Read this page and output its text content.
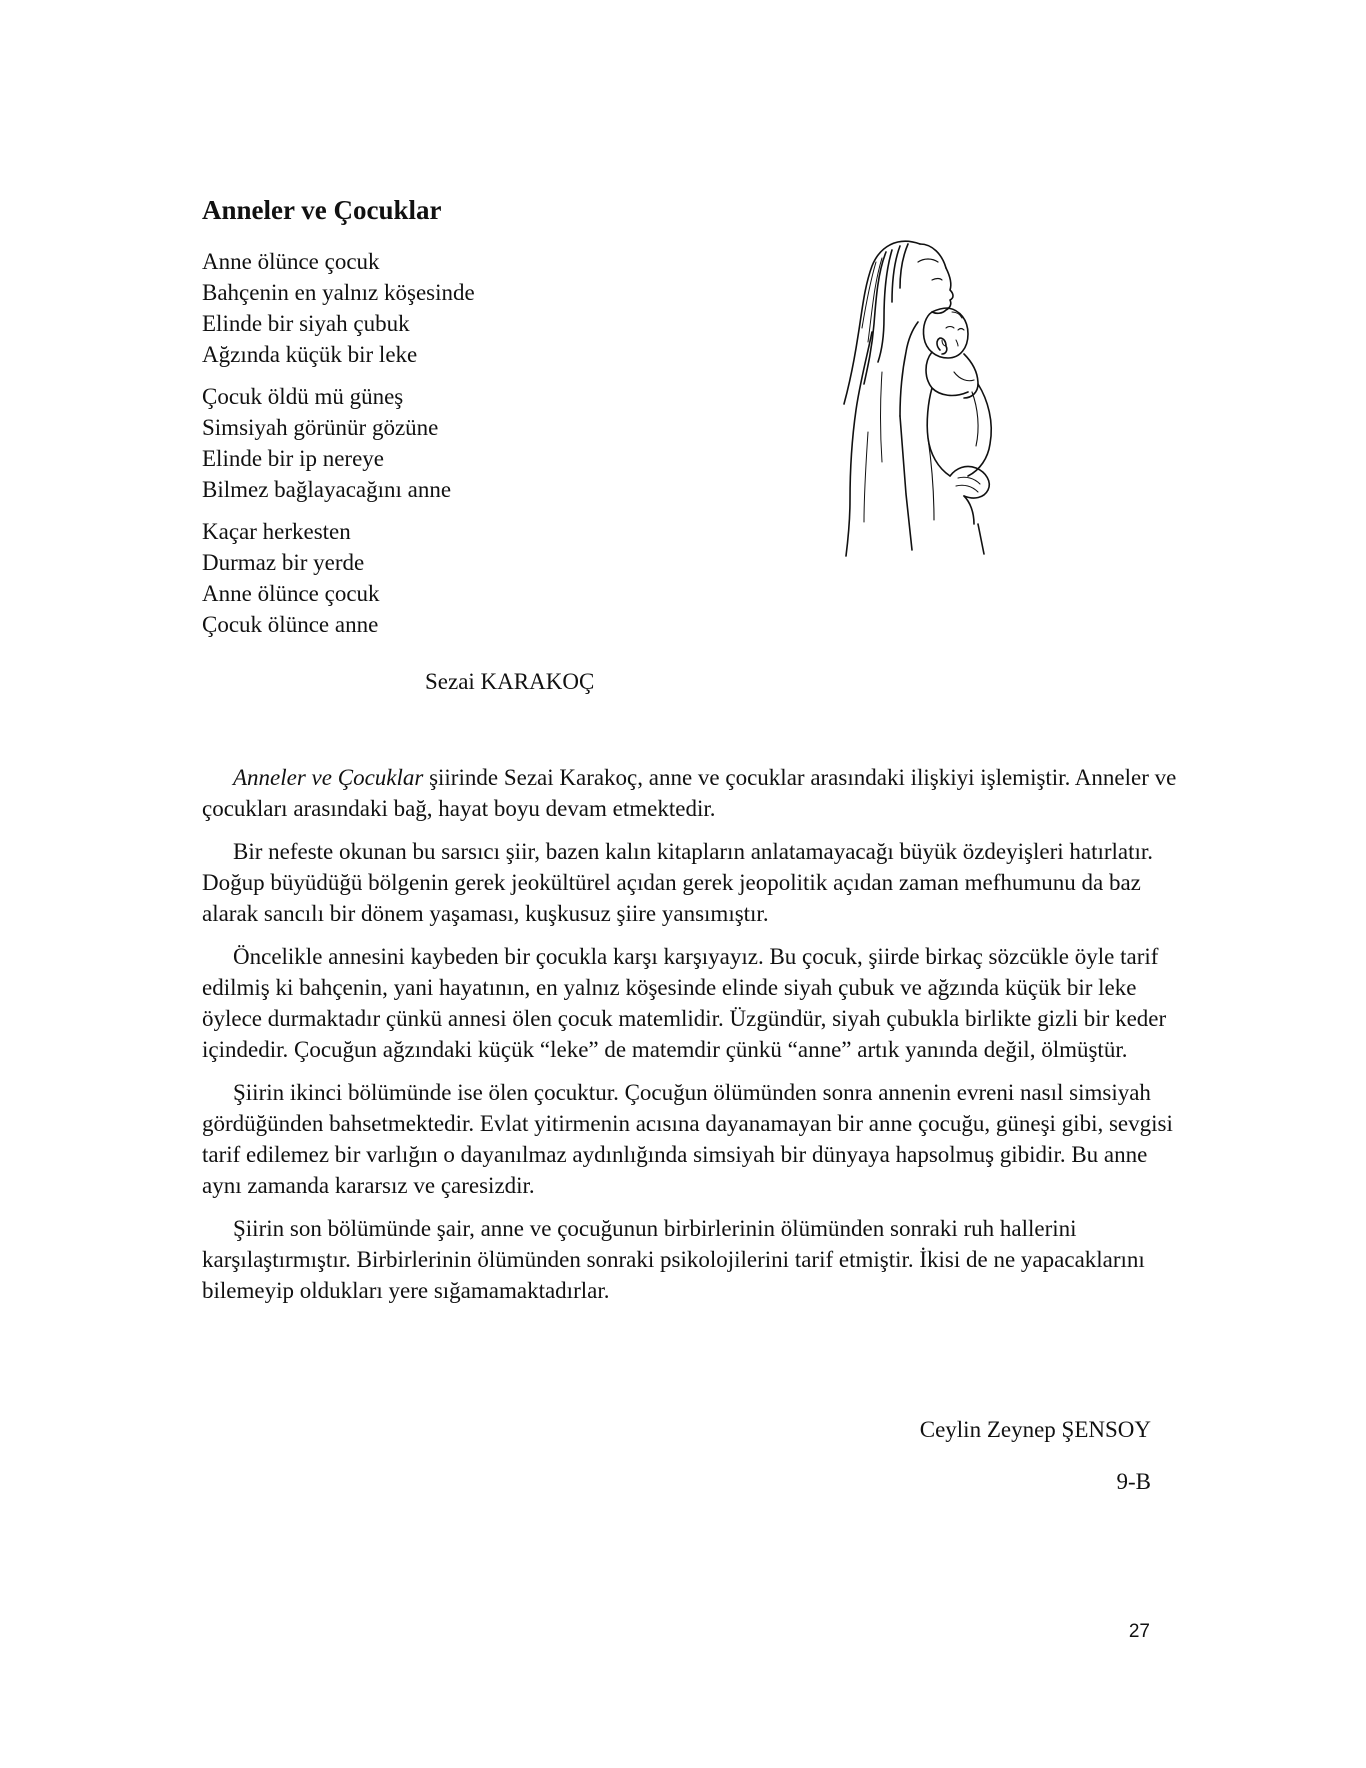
Anneler ve Çocuklar
Anne ölünce çocuk
Bahçenin en yalnız köşesinde
Elinde bir siyah çubuk
Ağzında küçük bir leke
Çocuk öldü mü güneş
Simsiyah görünür gözüne
Elinde bir ip nereye
Bilmez bağlayacağını anne
Kaçar herkesten
Durmaz bir yerde
Anne ölünce çocuk
Çocuk ölünce anne
Sezai KARAKOÇ

Anneler ve Çocuklar şiirinde Sezai Karakoç, anne ve çocuklar arasındaki ilişkiyi işlemiştir. Anneler ve çocukları arasındaki bağ, hayat boyu devam etmektedir.

Bir nefeste okunan bu sarsıcı şiir, bazen kalın kitapların anlatamayacağı büyük özdeyişleri hatırlatır. Doğup büyüdüğü bölgenin gerek jeokültürel açıdan gerek jeopolitik açıdan zaman mefhumunu da baz alarak sancılı bir dönem yaşaması, kuşkusuz şiire yansımıştır.

Öncelikle annesini kaybeden bir çocukla karşı karşıyayız. Bu çocuk, şiirde birkaç sözcükle öyle tarif edilmiş ki bahçenin, yani hayatının, en yalnız köşesinde elinde siyah çubuk ve ağzında küçük bir leke öylece durmaktadır çünkü annesi ölen çocuk matemlidir. Üzgündür, siyah çubukla birlikte gizli bir keder içindedir. Çocuğun ağzındaki küçük “leke” de matemdir çünkü “anne” artık yanında değil, ölmüştür.

Şiirin ikinci bölümünde ise ölen çocuktur. Çocuğun ölümünden sonra annenin evreni nasıl simsiyah gördüğünden bahsetmektedir. Evlat yitirmenin acısına dayanamayan bir anne çocuğu, güneşi gibi, sevgisi tarif edilemez bir varlığın o dayanılmaz aydınlığında simsiyah bir dünyaya hapsolmuş gibidir. Bu anne aynı zamanda kararsız ve çaresizdir.

Şiirin son bölümünde şair, anne ve çocuğunun birbirlerinin ölümünden sonraki ruh hallerini karşılaştırmıştır. Birbirlerinin ölümünden sonraki psikolojilerini tarif etmiştir. İkisi de ne yapacaklarını bilemeyip oldukları yere sığamamaktadırlar.

Ceylin Zeynep ŞENSOY
9-B
27
